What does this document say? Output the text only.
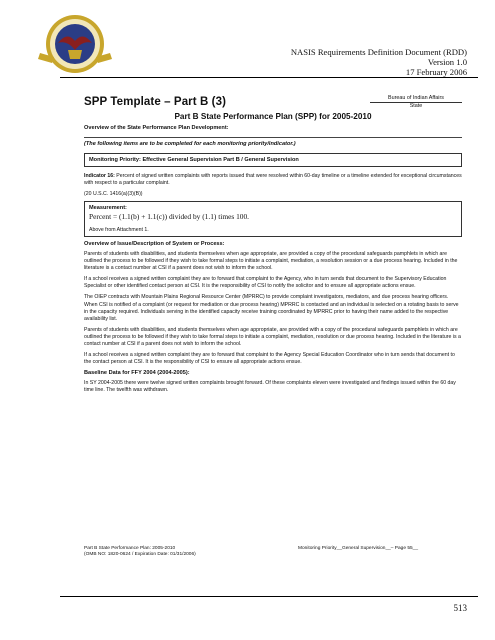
NASIS Requirements Definition Document (RDD)
Version 1.0
17 February 2006
SPP Template – Part B (3)	Bureau of Indian Affairs
State
Part B State Performance Plan (SPP) for 2005-2010
Overview of the State Performance Plan Development:
(The following items are to be completed for each monitoring priority/indicator.)
Monitoring Priority: Effective General Supervision Part B / General Supervision
Indicator 16: Percent of signed written complaints with reports issued that were resolved within 60-day timeline or a timeline extended for exceptional circumstances with respect to a particular complaint.
(20 U.S.C. 1416(a)(3)(B))
Measurement:
Percent = (1.1(b) + 1.1(c)) divided by (1.1) times 100.
Above from Attachment 1.
Overview of Issue/Description of System or Process:
Parents of students with disabilities, and students themselves when age appropriate, are provided a copy of the procedural safeguards pamphlets in which are outlined the process to be followed if they wish to take formal steps to initiate a complaint, mediation, a resolution session or a due process hearing. Included in the literature is a contact number at CSI if a parent does not wish to inform the school.
If a school receives a signed written complaint they are to forward that complaint to the Agency, who in turn sends that document to the Supervisory Education Specialist or other identified contact person at CSI. It is the responsibility of CSI to notify the solicitor and to ensure all appropriate actions ensue.
The OIEP contracts with Mountain Plains Regional Resource Center (MPRRC) to provide complaint investigators, mediators, and due process hearing officers. When CSI is notified of a complaint (or request for mediation or due process hearing) MPRRC is contacted and an individual is selected on a rotating basis to serve in the capacity required. Individuals serving in the identified capacity receive training coordinated by MPRRC prior to having their name added to the respective availability list.
Parents of students with disabilities, and students themselves when age appropriate, are provided with a copy of the procedural safeguards pamphlets in which are outlined the process to be followed if they wish to take formal steps to initiate a complaint, mediation, resolution or due process hearing. Included in the literature is a contact number at CSI if a parent does not wish to inform the school.
If a school receives a signed written complaint they are to forward that complaint to the Agency Special Education Coordinator who in turn sends that document to the contact person at CSI. It is the responsibility of CSI to ensure all appropriate actions ensue.
Baseline Data for FFY 2004 (2004-2005):
In SY 2004-2005 there were twelve signed written complaints brought forward. Of these complaints eleven were investigated and findings issued within the 60 day time line. The twelfth was withdrawn.
Part B State Performance Plan: 2005-2010
(OMB NO: 1820-0624 / Expiration Date: 01/31/2006)
Monitoring Priority__General Supervision__– Page 55__
513
